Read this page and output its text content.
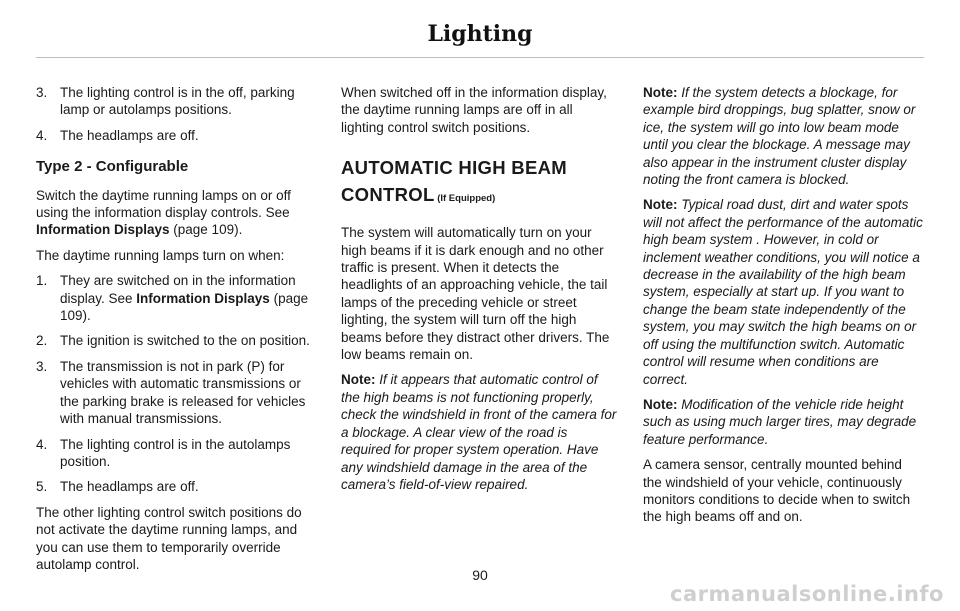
Lighting
3. The lighting control is in the off, parking lamp or autolamps positions.
4. The headlamps are off.
Type 2 - Configurable

Switch the daytime running lamps on or off using the information display controls. See Information Displays (page 109).

The daytime running lamps turn on when:

1. They are switched on in the information display. See Information Displays (page 109).
2. The ignition is switched to the on position.
3. The transmission is not in park (P) for vehicles with automatic transmissions or the parking brake is released for vehicles with manual transmissions.
4. The lighting control is in the autolamps position.
5. The headlamps are off.

The other lighting control switch positions do not activate the daytime running lamps, and you can use them to temporarily override autolamp control.

When switched off in the information display, the daytime running lamps are off in all lighting control switch positions.

AUTOMATIC HIGH BEAM
CONTROL (If Equipped)

The system will automatically turn on your high beams if it is dark enough and no other traffic is present. When it detects the headlights of an approaching vehicle, the tail lamps of the preceding vehicle or street lighting, the system will turn off the high beams before they distract other drivers. The low beams remain on.

Note: If it appears that automatic control of the high beams is not functioning properly, check the windshield in front of the camera for a blockage. A clear view of the road is required for proper system operation. Have any windshield damage in the area of the camera’s field-of-view repaired.

Note: If the system detects a blockage, for example bird droppings, bug splatter, snow or ice, the system will go into low beam mode until you clear the blockage. A message may also appear in the instrument cluster display noting the front camera is blocked.

Note: Typical road dust, dirt and water spots will not affect the performance of the automatic high beam system . However, in cold or inclement weather conditions, you will notice a decrease in the availability of the high beam system, especially at start up. If you want to change the beam state independently of the system, you may switch the high beams on or off using the multifunction switch. Automatic control will resume when conditions are correct.

Note: Modification of the vehicle ride height such as using much larger tires, may degrade feature performance.

A camera sensor, centrally mounted behind the windshield of your vehicle, continuously monitors conditions to decide when to switch the high beams off and on.

90
carmanualsonline.info
